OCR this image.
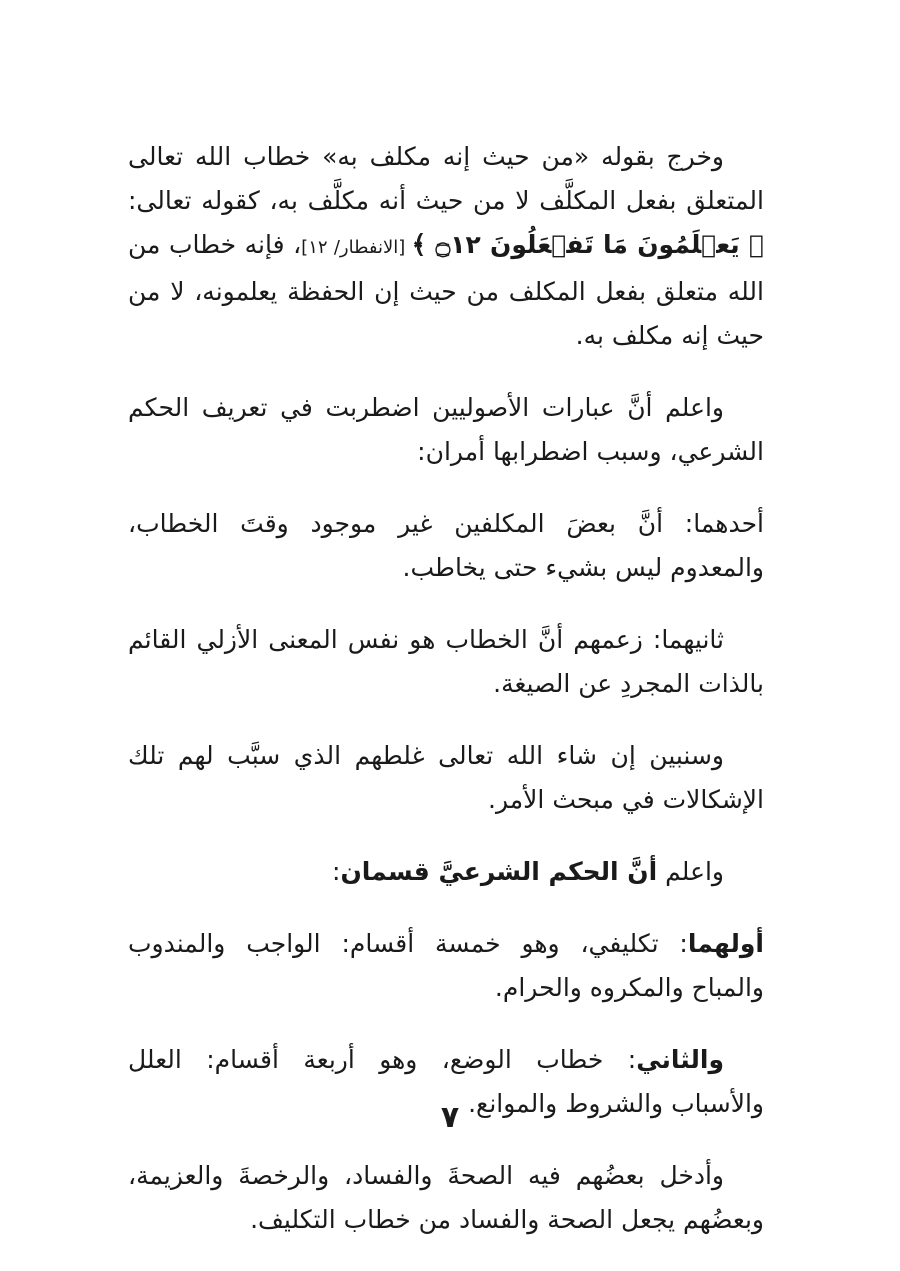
وخرج بقوله «من حيث إنه مكلف به» خطاب الله تعالى المتعلق بفعل المكلَّف لا من حيث أنه مكلَّف به، كقوله تعالى: ﴿ يَعۡلَمُونَ مَا تَفۡعَلُونَ ۝١٢ ﴾ [الانفطار/ ١٢]، فإنه خطاب من الله متعلق بفعل المكلف من حيث إن الحفظة يعلمونه، لا من حيث إنه مكلف به.

واعلم أنَّ عبارات الأصوليين اضطربت في تعريف الحكم الشرعي، وسبب اضطرابها أمران:

أحدهما: أنَّ بعضَ المكلفين غير موجود وقتَ الخطاب، والمعدوم ليس بشيء حتى يخاطب.

ثانيهما: زعمهم أنَّ الخطاب هو نفس المعنى الأزلي القائم بالذات المجردِ عن الصيغة.

وسنبين إن شاء الله تعالى غلطهم الذي سبَّب لهم تلك الإشكالات في مبحث الأمر.

واعلم أنَّ الحكم الشرعيَّ قسمان:

أولهما: تكليفي، وهو خمسة أقسام: الواجب والمندوب والمباح والمكروه والحرام.

والثاني: خطاب الوضع، وهو أربعة أقسام: العلل والأسباب والشروط والموانع.

وأدخل بعضُهم فيه الصحةَ والفساد، والرخصةَ والعزيمة، وبعضُهم يجعل الصحة والفساد من خطاب التكليف.

٧
